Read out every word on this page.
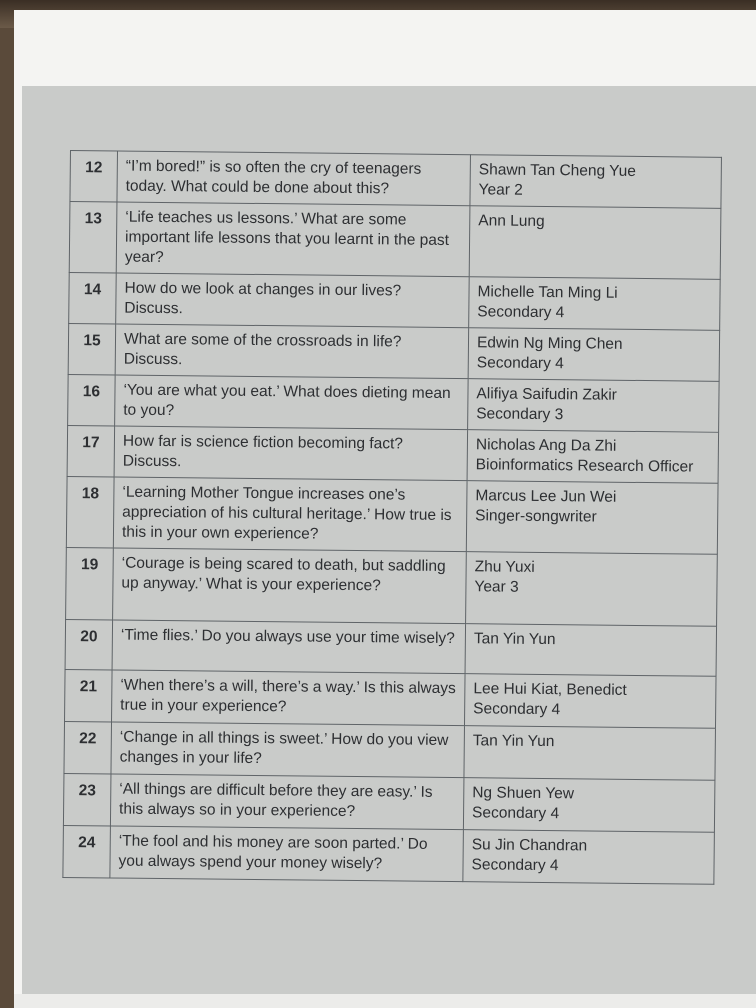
12	“I’m bored!” is so often the cry of teenagers today. What could be done about this?	Shawn Tan Cheng Yue
Year 2

13	‘Life teaches us lessons.’ What are some important life lessons that you learnt in the past year?	Ann Lung

14	How do we look at changes in our lives? Discuss.	Michelle Tan Ming Li
Secondary 4

15	What are some of the crossroads in life? Discuss.	Edwin Ng Ming Chen
Secondary 4

16	‘You are what you eat.’ What does dieting mean to you?	Alifiya Saifudin Zakir
Secondary 3

17	How far is science fiction becoming fact? Discuss.	Nicholas Ang Da Zhi
Bioinformatics Research Officer

18	‘Learning Mother Tongue increases one’s appreciation of his cultural heritage.’ How true is this in your own experience?	Marcus Lee Jun Wei
Singer-songwriter

19	‘Courage is being scared to death, but saddling up anyway.’ What is your experience?	Zhu Yuxi
Year 3

20	‘Time flies.’ Do you always use your time wisely?	Tan Yin Yun

21	‘When there’s a will, there’s a way.’ Is this always true in your experience?	Lee Hui Kiat, Benedict
Secondary 4

22	‘Change in all things is sweet.’ How do you view changes in your life?	Tan Yin Yun

23	‘All things are difficult before they are easy.’ Is this always so in your experience?	Ng Shuen Yew
Secondary 4

24	‘The fool and his money are soon parted.’ Do you always spend your money wisely?	Su Jin Chandran
Secondary 4
